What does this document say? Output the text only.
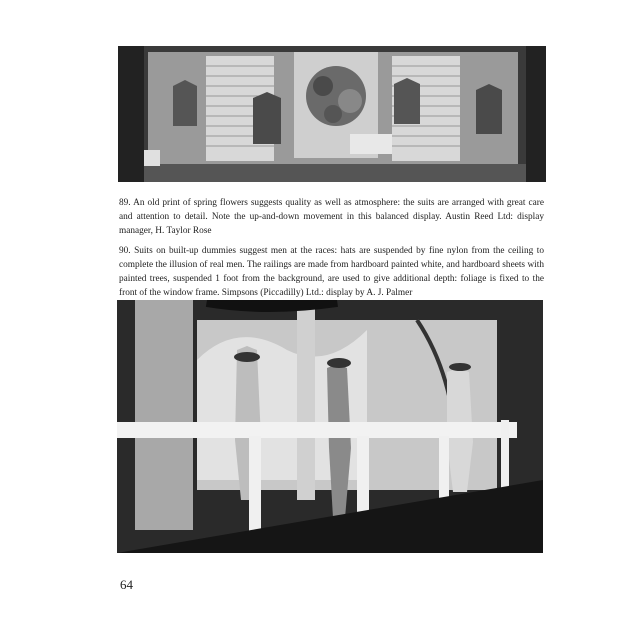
89. An old print of spring flowers suggests quality as well as atmosphere: the suits are arranged with great care and attention to detail. Note the up-and-down movement in this balanced display. Austin Reed Ltd: display manager, H. Taylor Rose
90. Suits on built-up dummies suggest men at the races: hats are suspended by fine nylon from the ceiling to complete the illusion of real men. The railings are made from hardboard painted white, and hardboard sheets with painted trees, suspended 1 foot from the background, are used to give additional depth: foliage is fixed to the front of the window frame. Simpsons (Piccadilly) Ltd.: display by A. J. Palmer
64
